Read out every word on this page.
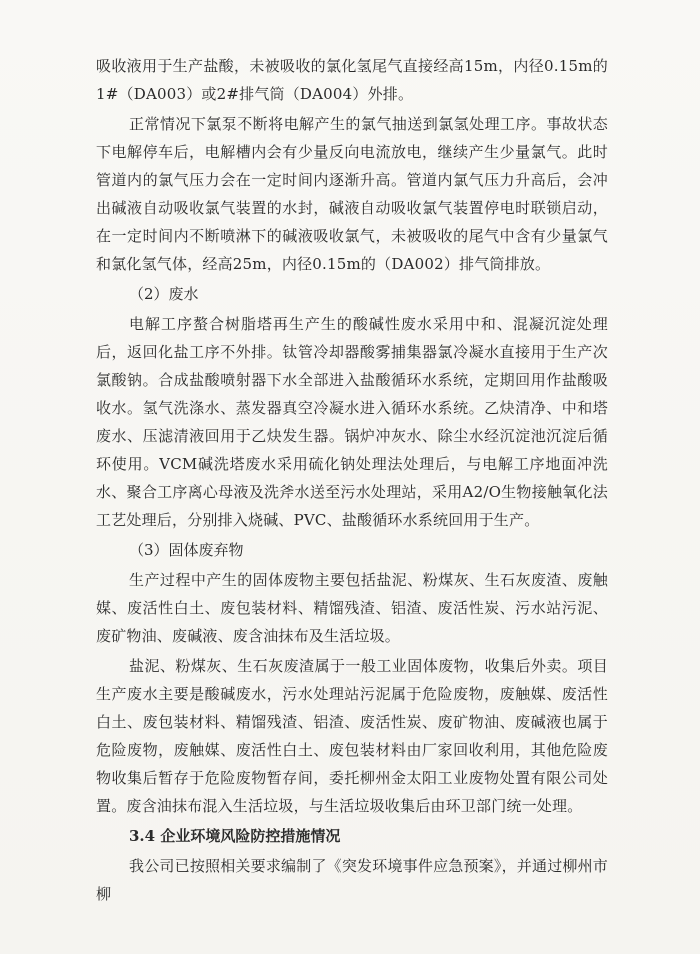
吸收液用于生产盐酸，未被吸收的氯化氢尾气直接经高15m，内径0.15m的1#（DA003）或2#排气筒（DA004）外排。

正常情况下氯泵不断将电解产生的氯气抽送到氯氢处理工序。事故状态下电解停车后，电解槽内会有少量反向电流放电，继续产生少量氯气。此时管道内的氯气压力会在一定时间内逐渐升高。管道内氯气压力升高后，会冲出碱液自动吸收氯气装置的水封，碱液自动吸收氯气装置停电时联锁启动，在一定时间内不断喷淋下的碱液吸收氯气，未被吸收的尾气中含有少量氯气和氯化氢气体，经高25m，内径0.15m的（DA002）排气筒排放。

（2）废水

电解工序螯合树脂塔再生产生的酸碱性废水采用中和、混凝沉淀处理后，返回化盐工序不外排。钛管冷却器酸雾捕集器氯冷凝水直接用于生产次氯酸钠。合成盐酸喷射器下水全部进入盐酸循环水系统，定期回用作盐酸吸收水。氢气洗涤水、蒸发器真空冷凝水进入循环水系统。乙炔清净、中和塔废水、压滤清液回用于乙炔发生器。锅炉冲灰水、除尘水经沉淀池沉淀后循环使用。VCM碱洗塔废水采用硫化钠处理法处理后，与电解工序地面冲洗水、聚合工序离心母液及洗斧水送至污水处理站，采用A2/O生物接触氧化法工艺处理后，分别排入烧碱、PVC、盐酸循环水系统回用于生产。

（3）固体废弃物

生产过程中产生的固体废物主要包括盐泥、粉煤灰、生石灰废渣、废触媒、废活性白土、废包装材料、精馏残渣、铝渣、废活性炭、污水站污泥、废矿物油、废碱液、废含油抹布及生活垃圾。

盐泥、粉煤灰、生石灰废渣属于一般工业固体废物，收集后外卖。项目生产废水主要是酸碱废水，污水处理站污泥属于危险废物，废触媒、废活性白土、废包装材料、精馏残渣、铝渣、废活性炭、废矿物油、废碱液也属于危险废物，废触媒、废活性白土、废包装材料由厂家回收利用，其他危险废物收集后暂存于危险废物暂存间，委托柳州金太阳工业废物处置有限公司处置。废含油抹布混入生活垃圾，与生活垃圾收集后由环卫部门统一处理。

3.4 企业环境风险防控措施情况

我公司已按照相关要求编制了《突发环境事件应急预案》，并通过柳州市柳
